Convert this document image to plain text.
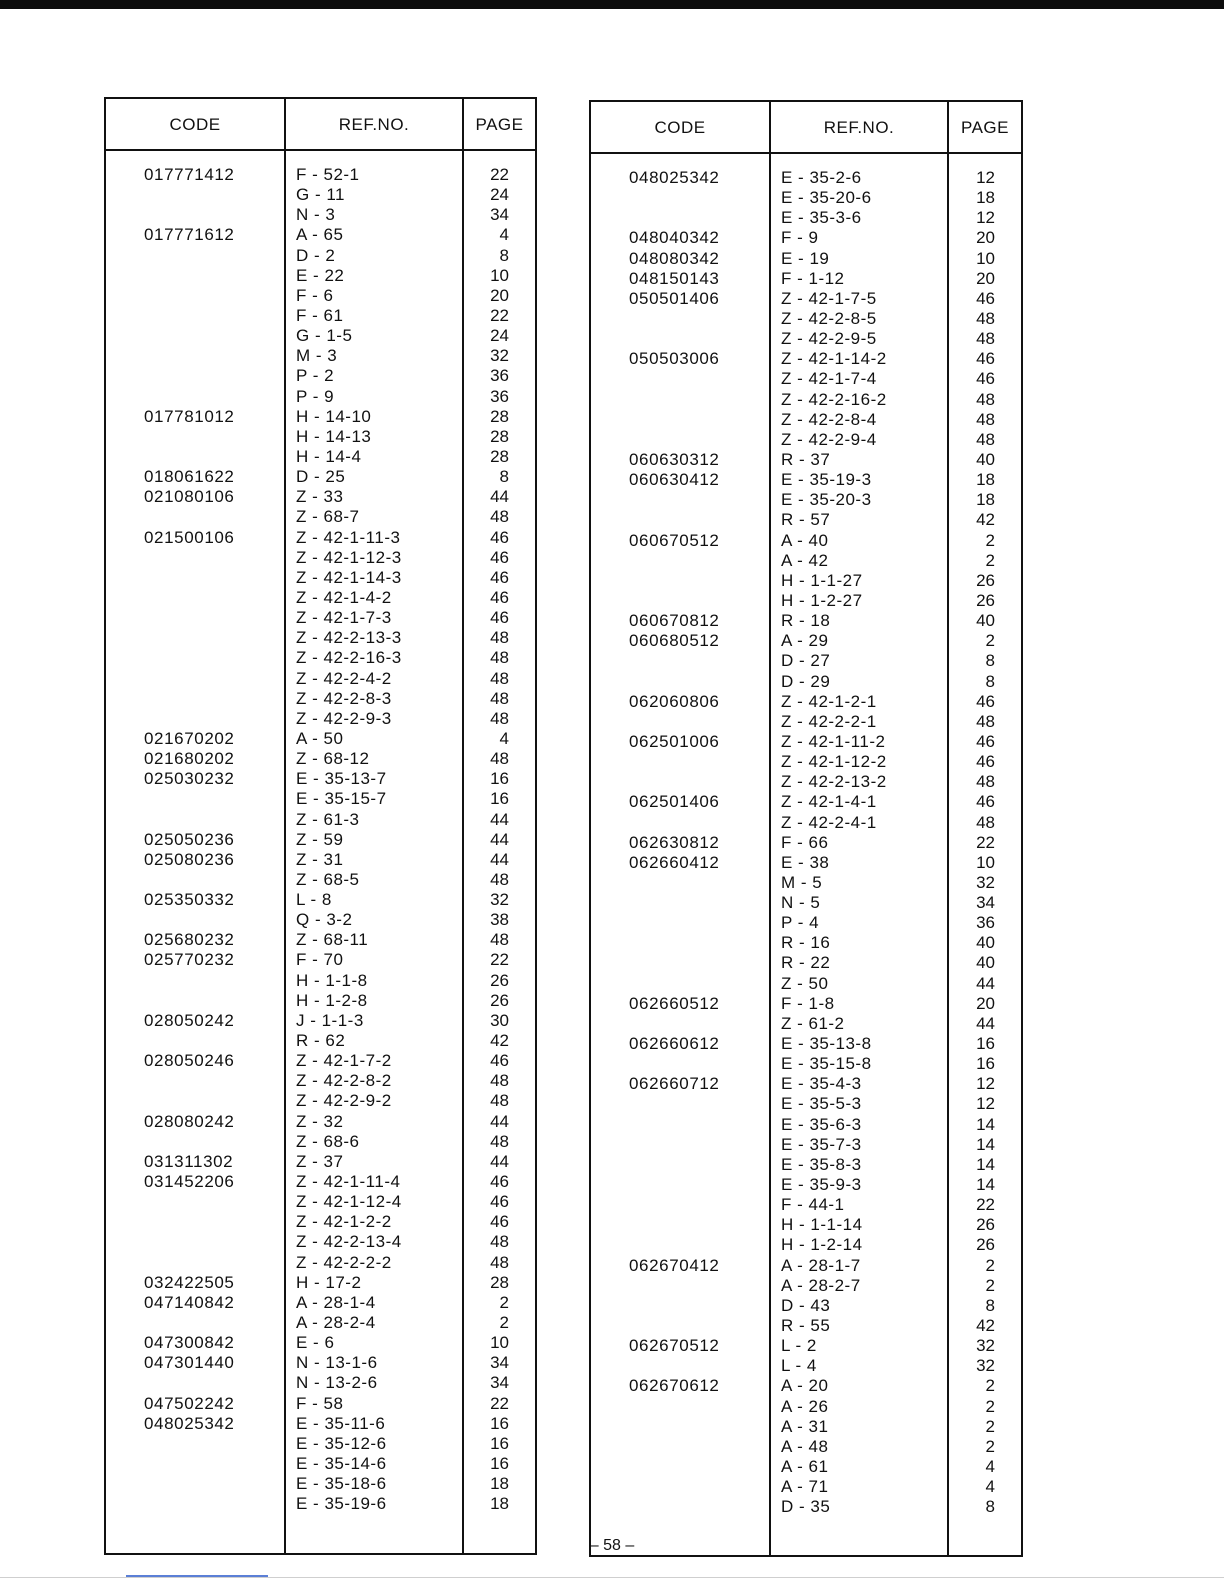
CODE	REF.NO.	PAGE
017771412	F - 52-1	22
G - 11	24
N - 3	34
017771612	A - 65	4
D - 2	8
E - 22	10
F - 6	20
F - 61	22
G - 1-5	24
M - 3	32
P - 2	36
P - 9	36
017781012	H - 14-10	28
H - 14-13	28
H - 14-4	28
018061622	D - 25	8
021080106	Z - 33	44
Z - 68-7	48
021500106	Z - 42-1-11-3	46
Z - 42-1-12-3	46
Z - 42-1-14-3	46
Z - 42-1-4-2	46
Z - 42-1-7-3	46
Z - 42-2-13-3	48
Z - 42-2-16-3	48
Z - 42-2-4-2	48
Z - 42-2-8-3	48
Z - 42-2-9-3	48
021670202	A - 50	4
021680202	Z - 68-12	48
025030232	E - 35-13-7	16
E - 35-15-7	16
Z - 61-3	44
025050236	Z - 59	44
025080236	Z - 31	44
Z - 68-5	48
025350332	L - 8	32
Q - 3-2	38
025680232	Z - 68-11	48
025770232	F - 70	22
H - 1-1-8	26
H - 1-2-8	26
028050242	J - 1-1-3	30
R - 62	42
028050246	Z - 42-1-7-2	46
Z - 42-2-8-2	48
Z - 42-2-9-2	48
028080242	Z - 32	44
Z - 68-6	48
031311302	Z - 37	44
031452206	Z - 42-1-11-4	46
Z - 42-1-12-4	46
Z - 42-1-2-2	46
Z - 42-2-13-4	48
Z - 42-2-2-2	48
032422505	H - 17-2	28
047140842	A - 28-1-4	2
A - 28-2-4	2
047300842	E - 6	10
047301440	N - 13-1-6	34
N - 13-2-6	34
047502242	F - 58	22
048025342	E - 35-11-6	16
E - 35-12-6	16
E - 35-14-6	16
E - 35-18-6	18
E - 35-19-6	18
CODE	REF.NO.	PAGE
048025342	E - 35-2-6	12
E - 35-20-6	18
E - 35-3-6	12
048040342	F - 9	20
048080342	E - 19	10
048150143	F - 1-12	20
050501406	Z - 42-1-7-5	46
Z - 42-2-8-5	48
Z - 42-2-9-5	48
050503006	Z - 42-1-14-2	46
Z - 42-1-7-4	46
Z - 42-2-16-2	48
Z - 42-2-8-4	48
Z - 42-2-9-4	48
060630312	R - 37	40
060630412	E - 35-19-3	18
E - 35-20-3	18
R - 57	42
060670512	A - 40	2
A - 42	2
H - 1-1-27	26
H - 1-2-27	26
060670812	R - 18	40
060680512	A - 29	2
D - 27	8
D - 29	8
062060806	Z - 42-1-2-1	46
Z - 42-2-2-1	48
062501006	Z - 42-1-11-2	46
Z - 42-1-12-2	46
Z - 42-2-13-2	48
062501406	Z - 42-1-4-1	46
Z - 42-2-4-1	48
062630812	F - 66	22
062660412	E - 38	10
M - 5	32
N - 5	34
P - 4	36
R - 16	40
R - 22	40
Z - 50	44
062660512	F - 1-8	20
Z - 61-2	44
062660612	E - 35-13-8	16
E - 35-15-8	16
062660712	E - 35-4-3	12
E - 35-5-3	12
E - 35-6-3	14
E - 35-7-3	14
E - 35-8-3	14
E - 35-9-3	14
F - 44-1	22
H - 1-1-14	26
H - 1-2-14	26
062670412	A - 28-1-7	2
A - 28-2-7	2
D - 43	8
R - 55	42
062670512	L - 2	32
L - 4	32
062670612	A - 20	2
A - 26	2
A - 31	2
A - 48	2
A - 61	4
A - 71	4
D - 35	8
– 58 –
